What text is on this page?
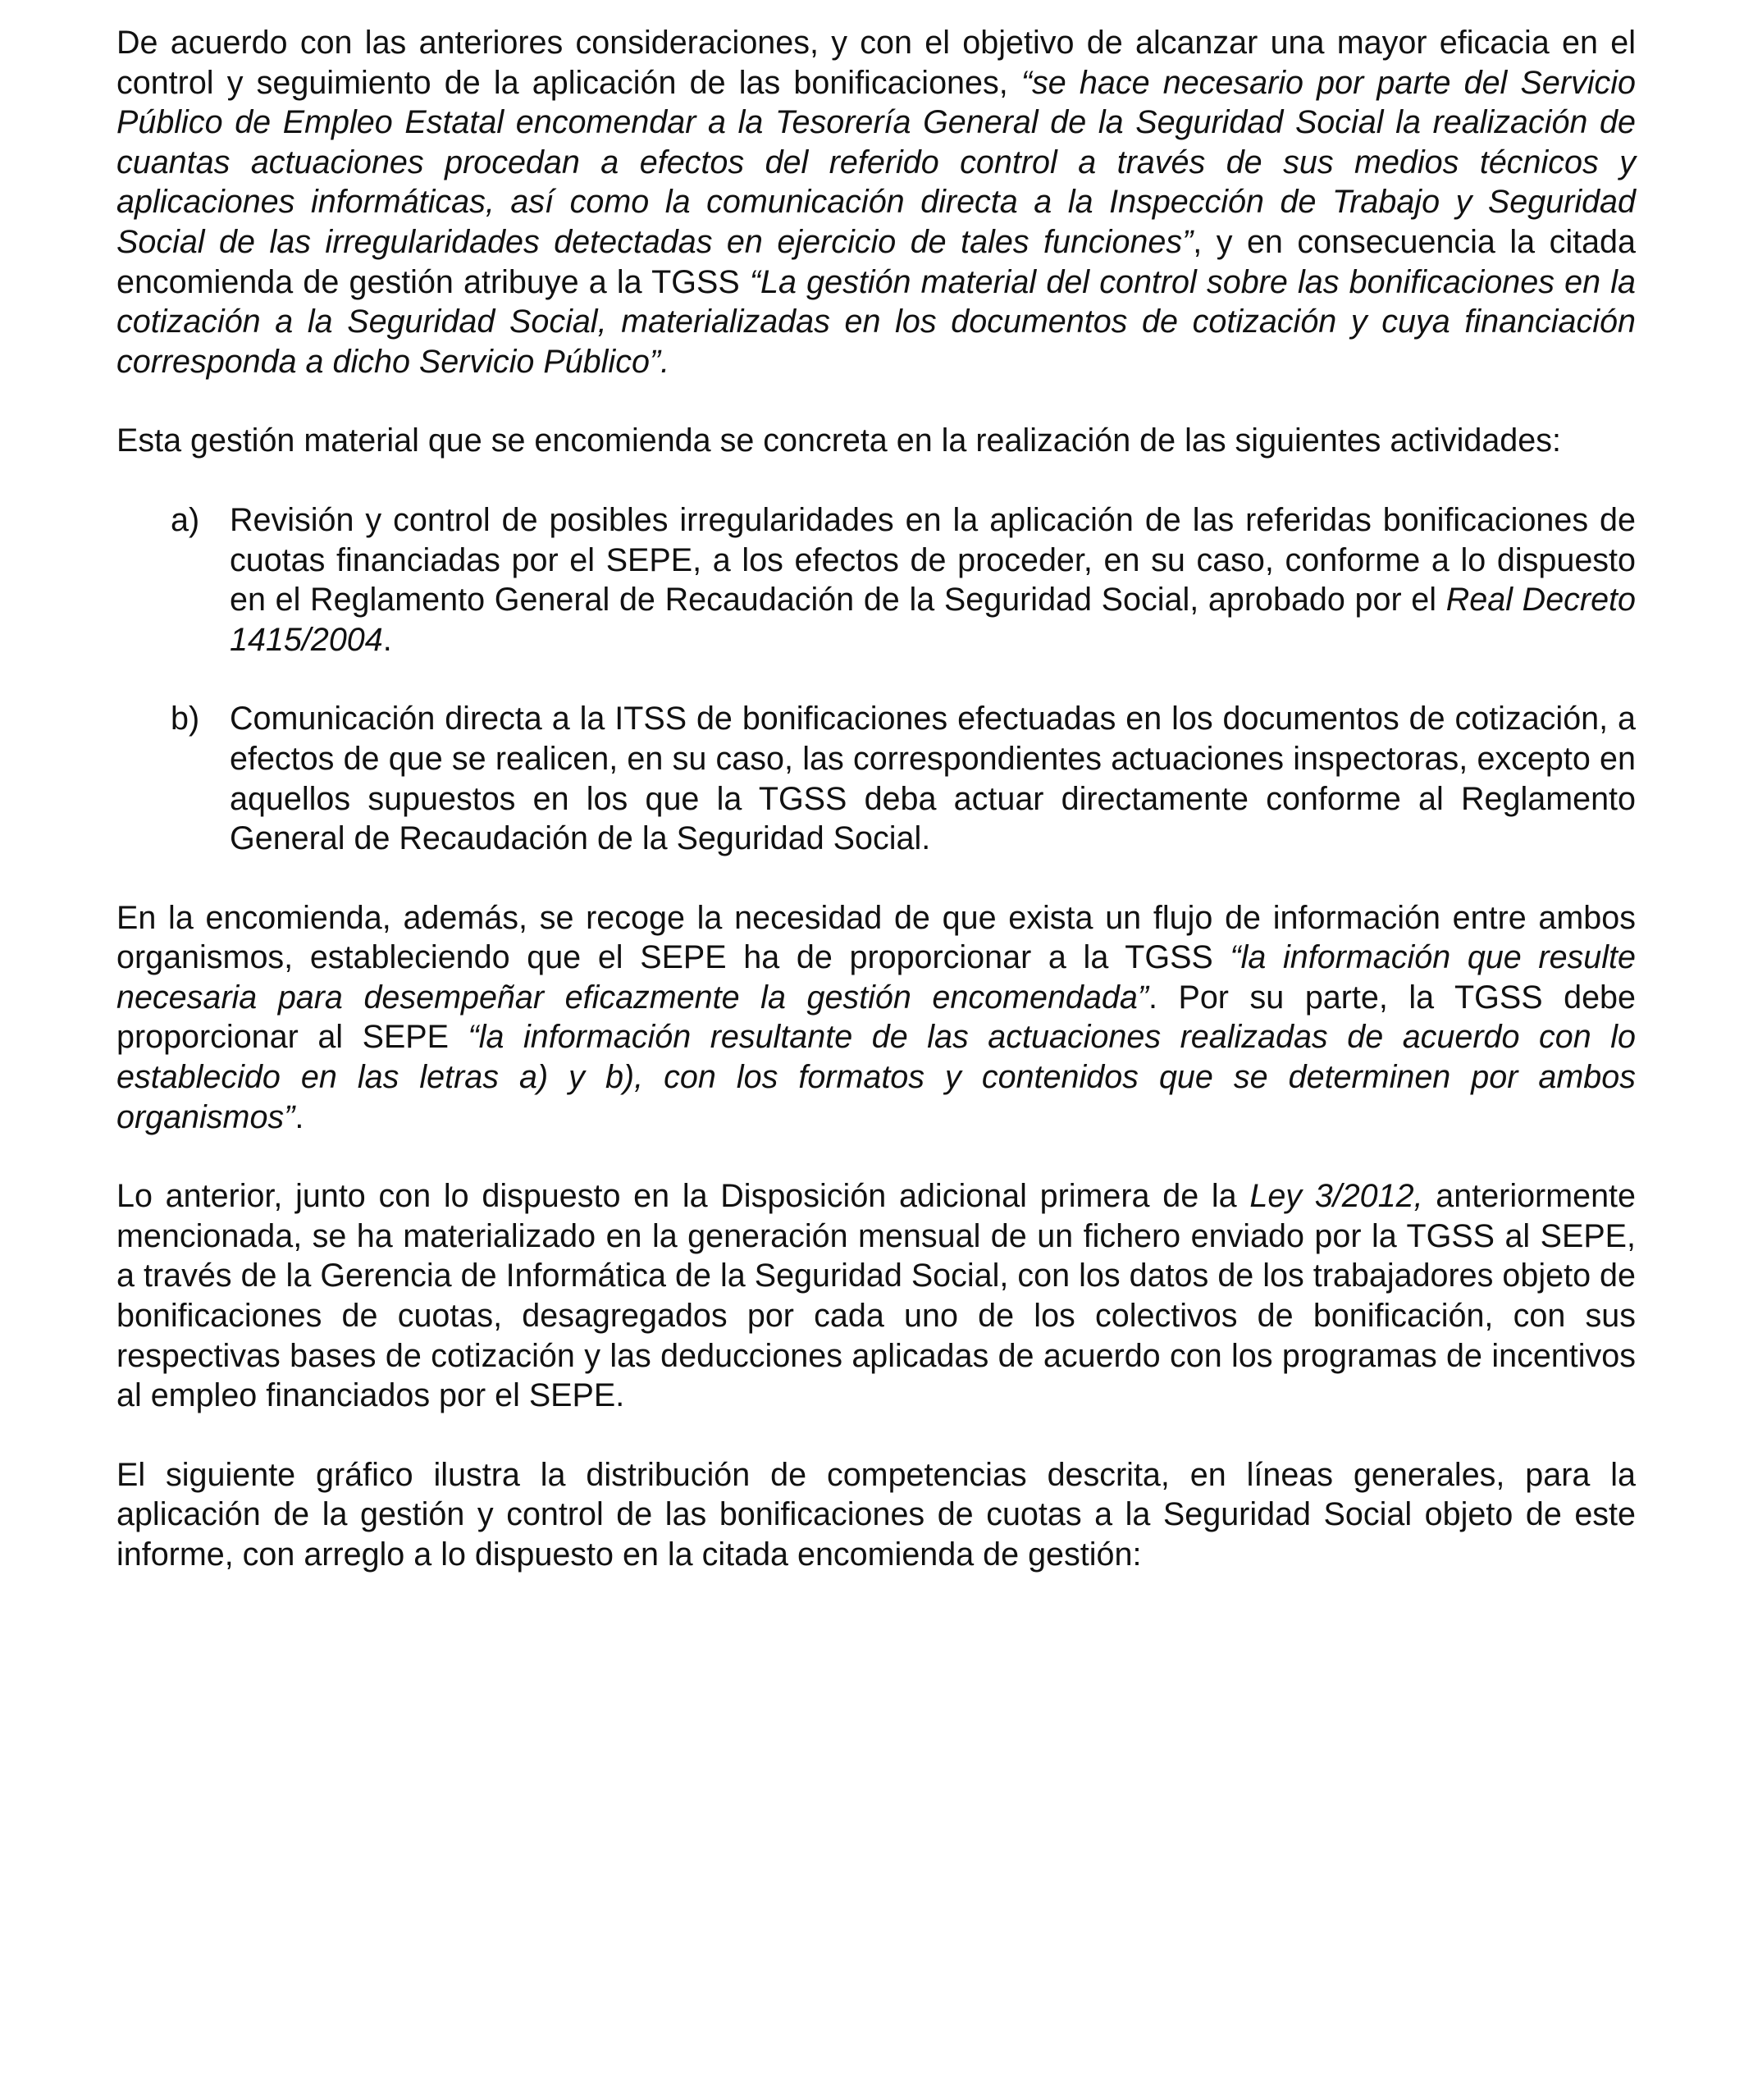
De acuerdo con las anteriores consideraciones, y con el objetivo de alcanzar una mayor eficacia en el control y seguimiento de la aplicación de las bonificaciones, “se hace necesario por parte del Servicio Público de Empleo Estatal encomendar a la Tesorería General de la Seguridad Social la realización de cuantas actuaciones procedan a efectos del referido control a través de sus medios técnicos y aplicaciones informáticas, así como la comunicación directa a la Inspección de Trabajo y Seguridad Social de las irregularidades detectadas en ejercicio de tales funciones”, y en consecuencia la citada encomienda de gestión atribuye a la TGSS “La gestión material del control sobre las bonificaciones en la cotización a la Seguridad Social, materializadas en los documentos de cotización y cuya financiación corresponda a dicho Servicio Público”.

Esta gestión material que se encomienda se concreta en la realización de las siguientes actividades:

a) Revisión y control de posibles irregularidades en la aplicación de las referidas bonificaciones de cuotas financiadas por el SEPE, a los efectos de proceder, en su caso, conforme a lo dispuesto en el Reglamento General de Recaudación de la Seguridad Social, aprobado por el Real Decreto 1415/2004.
b) Comunicación directa a la ITSS de bonificaciones efectuadas en los documentos de cotización, a efectos de que se realicen, en su caso, las correspondientes actuaciones inspectoras, excepto en aquellos supuestos en los que la TGSS deba actuar directamente conforme al Reglamento General de Recaudación de la Seguridad Social.

En la encomienda, además, se recoge la necesidad de que exista un flujo de información entre ambos organismos, estableciendo que el SEPE ha de proporcionar a la TGSS “la información que resulte necesaria para desempeñar eficazmente la gestión encomendada”. Por su parte, la TGSS debe proporcionar al SEPE “la información resultante de las actuaciones realizadas de acuerdo con lo establecido en las letras a) y b), con los formatos y contenidos que se determinen por ambos organismos”.

Lo anterior, junto con lo dispuesto en la Disposición adicional primera de la Ley 3/2012, anteriormente mencionada, se ha materializado en la generación mensual de un fichero enviado por la TGSS al SEPE, a través de la Gerencia de Informática de la Seguridad Social, con los datos de los trabajadores objeto de bonificaciones de cuotas, desagregados por cada uno de los colectivos de bonificación, con sus respectivas bases de cotización y las deducciones aplicadas de acuerdo con los programas de incentivos al empleo financiados por el SEPE.

El siguiente gráfico ilustra la distribución de competencias descrita, en líneas generales, para la aplicación de la gestión y control de las bonificaciones de cuotas a la Seguridad Social objeto de este informe, con arreglo a lo dispuesto en la citada encomienda de gestión:
